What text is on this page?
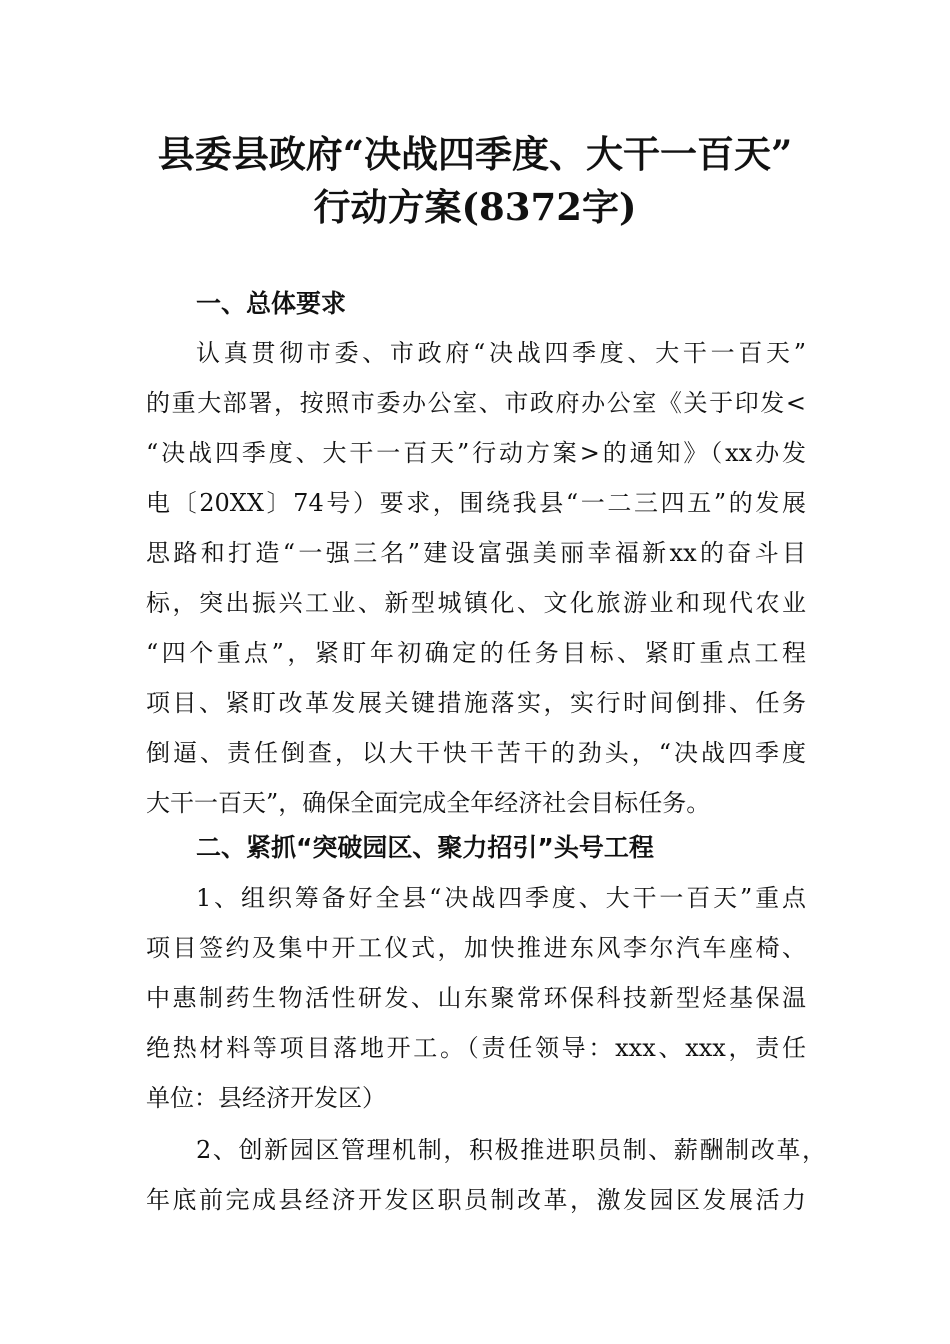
县委县政府“决战四季度、大干一百天”
行动方案(8372字)
一、总体要求
认真贯彻市委、市政府“决战四季度、大干一百天”
的重大部署，按照市委办公室、市政府办公室《关于印发<
“决战四季度、大干一百天”行动方案>的通知》（xx办发
电〔20XX〕74号）要求，围绕我县“一二三四五”的发展
思路和打造“一强三名”建设富强美丽幸福新xx的奋斗目
标，突出振兴工业、新型城镇化、文化旅游业和现代农业
“四个重点”，紧盯年初确定的任务目标、紧盯重点工程
项目、紧盯改革发展关键措施落实，实行时间倒排、任务
倒逼、责任倒查，以大干快干苦干的劲头，“决战四季度
大干一百天”，确保全面完成全年经济社会目标任务。
二、紧抓“突破园区、聚力招引”头号工程
1、组织筹备好全县“决战四季度、大干一百天”重点
项目签约及集中开工仪式，加快推进东风李尔汽车座椅、
中惠制药生物活性研发、山东聚常环保科技新型烃基保温
绝热材料等项目落地开工。（责任领导：xxx、xxx，责任
单位：县经济开发区）
2、创新园区管理机制，积极推进职员制、薪酬制改革，
年底前完成县经济开发区职员制改革，激发园区发展活力
